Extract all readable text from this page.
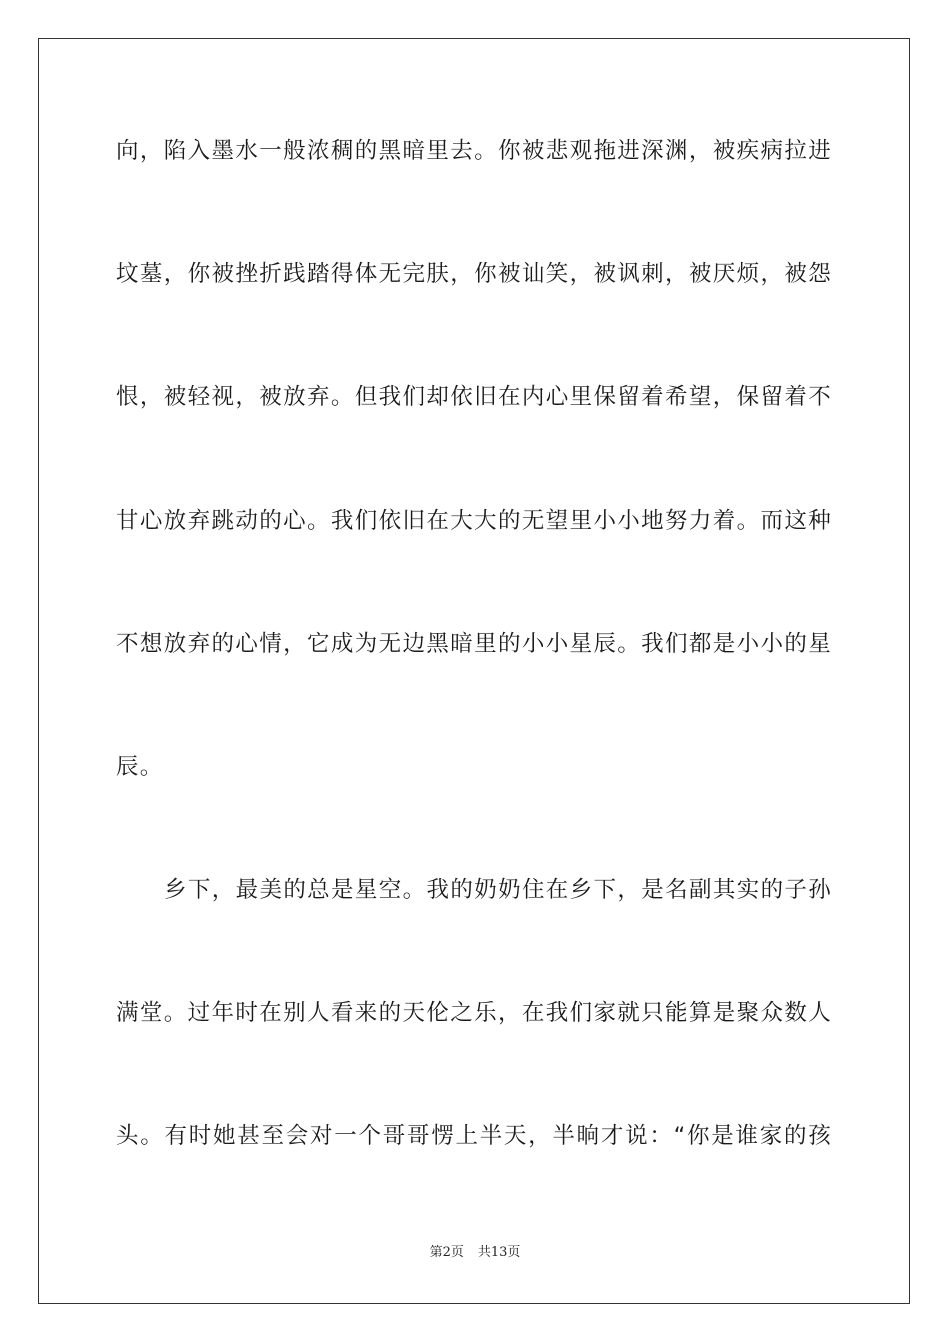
向，陷入墨水一般浓稠的黑暗里去。你被悲观拖进深渊，被疾病拉进
坟墓，你被挫折践踏得体无完肤，你被讪笑，被讽刺，被厌烦，被怨
恨，被轻视，被放弃。但我们却依旧在内心里保留着希望，保留着不
甘心放弃跳动的心。我们依旧在大大的无望里小小地努力着。而这种
不想放弃的心情，它成为无边黑暗里的小小星辰。我们都是小小的星
辰。
乡下，最美的总是星空。我的奶奶住在乡下，是名副其实的子孙
满堂。过年时在别人看来的天伦之乐，在我们家就只能算是聚众数人
头。有时她甚至会对一个哥哥愣上半天，半晌才说：“你是谁家的孩
第2页 共13页
